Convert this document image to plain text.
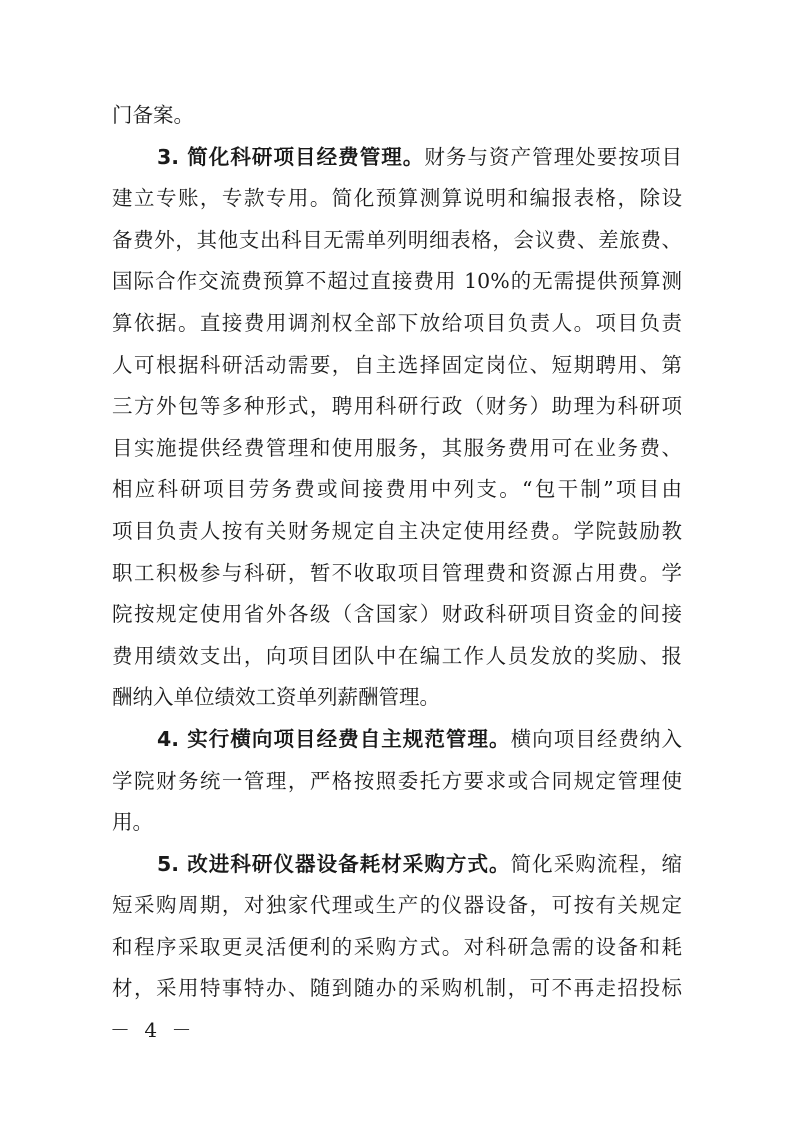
门备案。
3. 简化科研项目经费管理。财务与资产管理处要按项目
建立专账，专款专用。简化预算测算说明和编报表格，除设
备费外，其他支出科目无需单列明细表格，会议费、差旅费、
国际合作交流费预算不超过直接费用 10%的无需提供预算测
算依据。直接费用调剂权全部下放给项目负责人。项目负责
人可根据科研活动需要，自主选择固定岗位、短期聘用、第
三方外包等多种形式，聘用科研行政（财务）助理为科研项
目实施提供经费管理和使用服务，其服务费用可在业务费、
相应科研项目劳务费或间接费用中列支。“包干制”项目由
项目负责人按有关财务规定自主决定使用经费。学院鼓励教
职工积极参与科研，暂不收取项目管理费和资源占用费。学
院按规定使用省外各级（含国家）财政科研项目资金的间接
费用绩效支出，向项目团队中在编工作人员发放的奖励、报
酬纳入单位绩效工资单列薪酬管理。
4. 实行横向项目经费自主规范管理。横向项目经费纳入
学院财务统一管理，严格按照委托方要求或合同规定管理使
用。
5. 改进科研仪器设备耗材采购方式。简化采购流程，缩
短采购周期，对独家代理或生产的仪器设备，可按有关规定
和程序采取更灵活便利的采购方式。对科研急需的设备和耗
材，采用特事特办、随到随办的采购机制，可不再走招投标
－ 4 －
